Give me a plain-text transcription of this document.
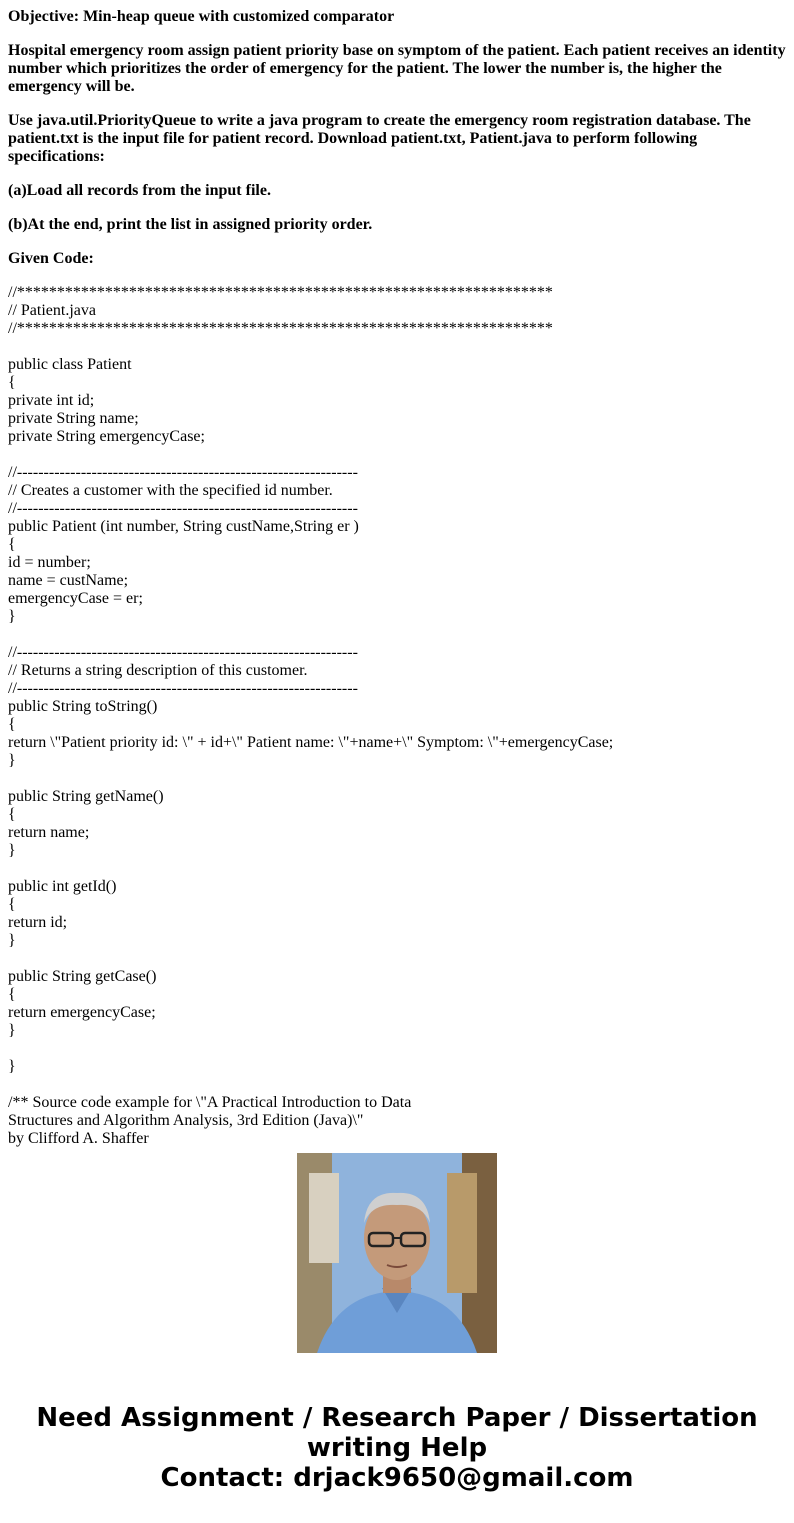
Objective: Min-heap queue with customized comparator
Hospital emergency room assign patient priority base on symptom of the patient. Each patient receives an identity number which prioritizes the order of emergency for the patient. The lower the number is, the higher the emergency will be.
Use java.util.PriorityQueue to write a java program to create the emergency room registration database. The patient.txt is the input file for patient record. Download patient.txt, Patient.java to perform following specifications:
(a)Load all records from the input file.
(b)At the end, print the list in assigned priority order.
Given Code:
//*******************************************************************
// Patient.java
//*******************************************************************
public class Patient
{
private int id;
private String name;
private String emergencyCase;
//----------------------------------------------------------------
// Creates a customer with the specified id number.
//----------------------------------------------------------------
public Patient (int number, String custName,String er )
{
id = number;
name = custName;
emergencyCase = er;
}
//----------------------------------------------------------------
// Returns a string description of this customer.
//----------------------------------------------------------------
public String toString()
{
return \"Patient priority id: \" + id+\" Patient name: \"+name+\" Symptom: \"+emergencyCase;
}
public String getName()
{
return name;
}
public int getId()
{
return id;
}
public String getCase()
{
return emergencyCase;
}
}
/** Source code example for \"A Practical Introduction to Data
Structures and Algorithm Analysis, 3rd Edition (Java)\"
by Clifford A. Shaffer
Need Assignment / Research Paper / Dissertation
writing Help
Contact: drjack9650@gmail.com
